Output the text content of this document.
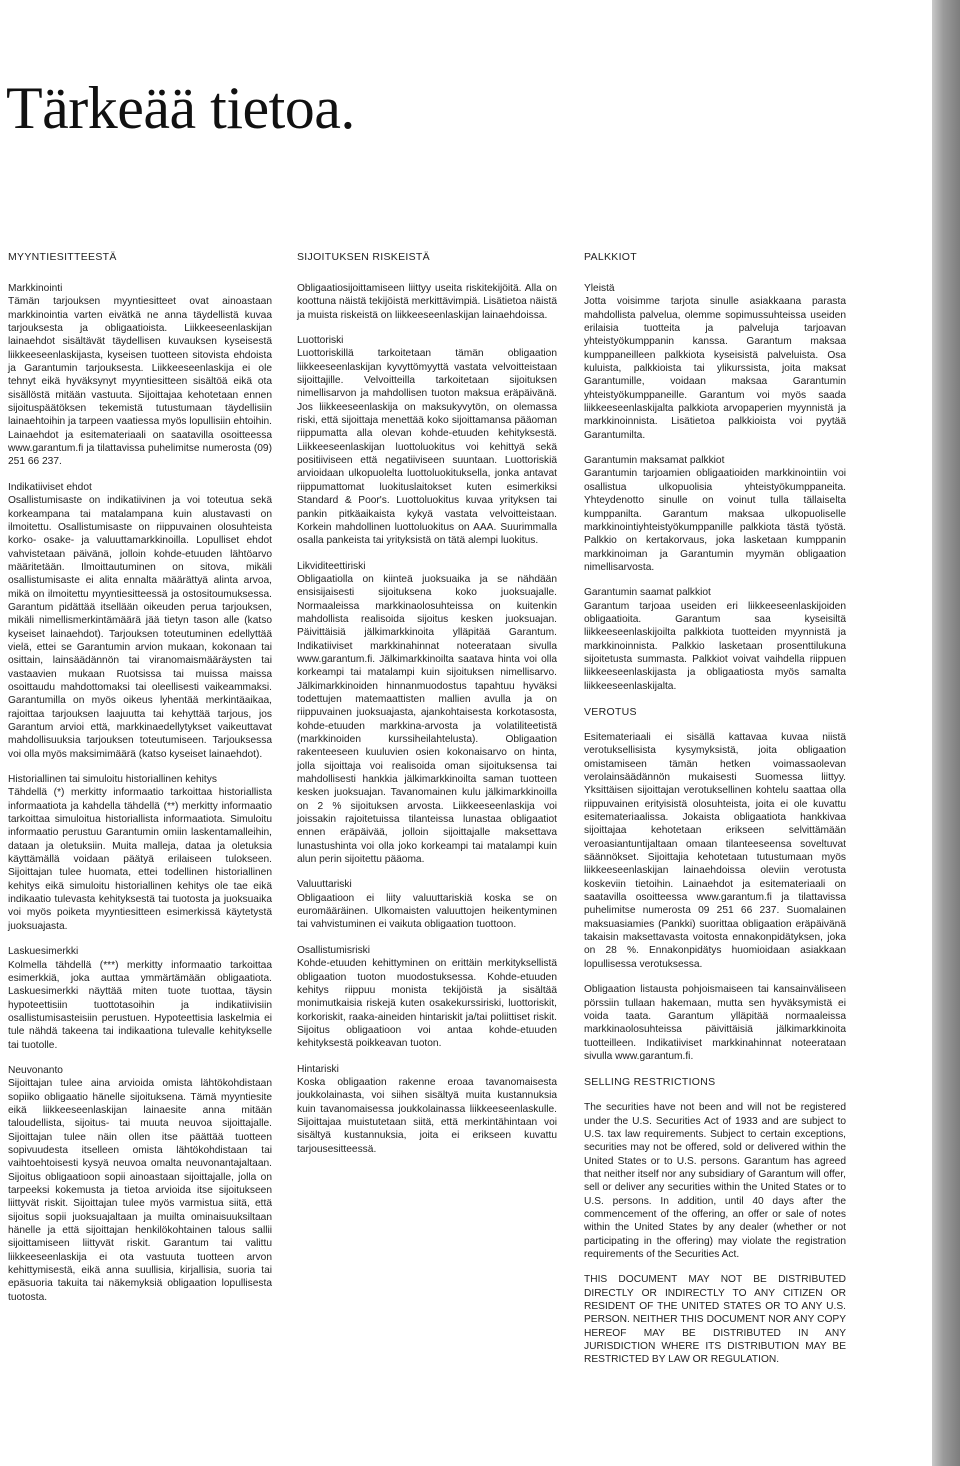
Tärkeää tietoa.
MYYNTIESITTEESTÄ

Markkinointi

Tämän tarjouksen myyntiesitteet ovat ainoastaan markkinointia varten eivätkä ne anna täydellistä kuvaa tarjouksesta ja obligaatioista. Liikkeeseenlaskijan lainaehdot sisältävät täydellisen kuvauksen kyseisestä liikkeeseenlaskijasta, kyseisen tuotteen sitovista ehdoista ja Garantumin tarjouksesta. Liikkeeseenlaskija ei ole tehnyt eikä hyväksynyt myyntiesitteen sisältöä eikä ota sisällöstä mitään vastuuta. Sijoittajaa kehotetaan ennen sijoituspäätöksen tekemistä tutustumaan täydellisiin lainaehtoihin ja tarpeen vaatiessa myös lopullisiin ehtoihin. Lainaehdot ja esitemateriaali on saatavilla osoitteessa www.garantum.fi ja tilattavissa puhelimitse numerosta (09) 251 66 237.

Indikatiiviset ehdot

Osallistumisaste on indikatiivinen ja voi toteutua sekä korkeampana tai matalampana kuin alustavasti on ilmoitettu. Osallistumisaste on riippuvainen olosuhteista korko- osake- ja valuuttamarkkinoilla. Lopulliset ehdot vahvistetaan päivänä, jolloin kohde-etuuden lähtöarvo määritetään. Ilmoittautuminen on sitova, mikäli osallistumisaste ei alita ennalta määrättyä alinta arvoa, mikä on ilmoitettu myyntiesitteessä ja ostositoumuksessa. Garantum pidättää itsellään oikeuden perua tarjouksen, mikäli nimellismerkintämäärä jää tietyn tason alle (katso kyseiset lainaehdot). Tarjouksen toteutuminen edellyttää vielä, ettei se Garantumin arvion mukaan, kokonaan tai osittain, lainsäädännön tai viranomaismääräysten tai vastaavien mukaan Ruotsissa tai muissa maissa osoittaudu mahdottomaksi tai oleellisesti vaikeammaksi. Garantumilla on myös oikeus lyhentää merkintäaikaa, rajoittaa tarjouksen laajuutta tai kehyttää tarjous, jos Garantum arvioi että, markkinaedellytykset vaikeuttavat mahdollisuuksia tarjouksen toteutumiseen. Tarjouksessa voi olla myös maksimimäärä (katso kyseiset lainaehdot).

Historiallinen tai simuloitu historiallinen kehitys

Tähdellä (*) merkitty informaatio tarkoittaa historiallista informaatiota ja kahdella tähdellä (**) merkitty informaatio tarkoittaa simuloitua historiallista informaatiota. Simuloitu informaatio perustuu Garantumin omiin laskentamalleihin, dataan ja oletuksiin. Muita malleja, dataa ja oletuksia käyttämällä voidaan päätyä erilaiseen tulokseen. Sijoittajan tulee huomata, ettei todellinen historiallinen kehitys eikä simuloitu historiallinen kehitys ole tae eikä indikaatio tulevasta kehityksestä tai tuotosta ja juoksuaika voi myös poiketa myyntiesitteen esimerkissä käytetystä juoksuajasta.

Laskuesimerkki

Kolmella tähdellä (***) merkitty informaatio tarkoittaa esimerkkiä, joka auttaa ymmärtämään obligaatiota. Laskuesimerkki näyttää miten tuote tuottaa, täysin hypoteettisiin tuottotasoihin ja indikatiivisiin osallistumisasteisiin perustuen. Hypoteettisia laskelmia ei tule nähdä takeena tai indikaationa tulevalle kehitykselle tai tuotolle.

Neuvonanto

Sijoittajan tulee aina arvioida omista lähtökohdistaan sopiiko obligaatio hänelle sijoituksena. Tämä myyntiesite eikä liikkeeseenlaskijan lainaesite anna mitään taloudellista, sijoitus- tai muuta neuvoa sijoittajalle. Sijoittajan tulee näin ollen itse päättää tuotteen sopivuudesta itselleen omista lähtökohdistaan tai vaihtoehtoisesti kysyä neuvoa omalta neuvonantajaltaan. Sijoitus obligaatioon sopii ainoastaan sijoittajalle, jolla on tarpeeksi kokemusta ja tietoa arvioida itse sijoitukseen liittyvät riskit. Sijoittajan tulee myös varmistua siitä, että sijoitus sopii juoksuajaltaan ja muilta ominaisuuksiltaan hänelle ja että sijoittajan henkilökohtainen talous sallii sijoittamiseen liittyvät riskit. Garantum tai valittu liikkeeseenlaskija ei ota vastuuta tuotteen arvon kehittymisestä, eikä anna suullisia, kirjallisia, suoria tai epäsuoria takuita tai näkemyksiä obligaation lopullisesta tuotosta.

SIJOITUKSEN RISKEISTÄ

Obligaatiosijoittamiseen liittyy useita riskitekijöitä. Alla on koottuna näistä tekijöistä merkittävimpiä. Lisätietoa näistä ja muista riskeistä on liikkeeseenlaskijan lainaehdoissa.

Luottoriski

Luottoriskillä tarkoitetaan tämän obligaation liikkeeseenlaskijan kyvyttömyyttä vastata velvoitteistaan sijoittajille. Velvoitteilla tarkoitetaan sijoituksen nimellisarvon ja mahdollisen tuoton maksua eräpäivänä. Jos liikkeeseenlaskija on maksukyvytön, on olemassa riski, että sijoittaja menettää koko sijoittamansa pääoman riippumatta alla olevan kohde-etuuden kehityksestä. Liikkeeseenlaskijan luottoluokitus voi kehittyä sekä positiiviseen että negatiiviseen suuntaan. Luottoriskiä arvioidaan ulkopuolelta luottoluokituksella, jonka antavat riippumattomat luokituslaitokset kuten esimerkiksi Standard & Poor's. Luottoluokitus kuvaa yrityksen tai pankin pitkäaikaista kykyä vastata velvoitteistaan. Korkein mahdollinen luottoluokitus on AAA. Suurimmalla osalla pankeista tai yrityksistä on tätä alempi luokitus.

Likviditeettiriski

Obligaatiolla on kiinteä juoksuaika ja se nähdään ensisijaisesti sijoituksena koko juoksuajalle. Normaaleissa markkinaolosuhteissa on kuitenkin mahdollista realisoida sijoitus kesken juoksuajan. Päivittäisiä jälkimarkkinoita ylläpitää Garantum. Indikatiiviset markkinahinnat noteerataan sivulla www.garantum.fi. Jälkimarkkinoilta saatava hinta voi olla korkeampi tai matalampi kuin sijoituksen nimellisarvo. Jälkimarkkinoiden hinnanmuodostus tapahtuu hyväksi todettujen matemaattisten mallien avulla ja on riippuvainen juoksuajasta, ajankohtaisesta korkotasosta, kohde-etuuden markkina-arvosta ja volatiliteetistä (markkinoiden kurssiheilahtelusta). Obligaation rakenteeseen kuuluvien osien kokonaisarvo on hinta, jolla sijoittaja voi realisoida oman sijoituksensa tai mahdollisesti hankkia jälkimarkkinoilta saman tuotteen kesken juoksuajan. Tavanomainen kulu jälkimarkkinoilla on 2 % sijoituksen arvosta. Liikkeeseenlaskija voi joissakin rajoitetuissa tilanteissa lunastaa obligaatiot ennen eräpäivää, jolloin sijoittajalle maksettava lunastushinta voi olla joko korkeampi tai matalampi kuin alun perin sijoitettu pääoma.

Valuuttariski

Obligaatioon ei liity valuuttariskiä koska se on euromääräinen. Ulkomaisten valuuttojen heikentyminen tai vahvistuminen ei vaikuta obligaation tuottoon.

Osallistumisriski

Kohde-etuuden kehittyminen on erittäin merkityksellistä obligaation tuoton muodostuksessa. Kohde-etuuden kehitys riippuu monista tekijöistä ja sisältää monimutkaisia riskejä kuten osakekurssiriski, luottoriskit, korkoriskit, raaka-aineiden hintariskit ja/tai poliittiset riskit. Sijoitus obligaatioon voi antaa kohde-etuuden kehityksestä poikkeavan tuoton.

Hintariski

Koska obligaation rakenne eroaa tavanomaisesta joukkolainasta, voi siihen sisältyä muita kustannuksia kuin tavanomaisessa joukkolainassa liikkeeseenlaskulle. Sijoittajaa muistutetaan siitä, että merkintähintaan voi sisältyä kustannuksia, joita ei erikseen kuvattu tarjousesitteessä.

PALKKIOT

Yleistä

Jotta voisimme tarjota sinulle asiakkaana parasta mahdollista palvelua, olemme sopimussuhteissa useiden erilaisia tuotteita ja palveluja tarjoavan yhteistyökumppanin kanssa. Garantum maksaa kumppaneilleen palkkiota kyseisistä palveluista. Osa kuluista, palkkioista tai ylikurssista, joita maksat Garantumille, voidaan maksaa Garantumin yhteistyökumppaneille. Garantum voi myös saada liikkeeseenlaskijalta palkkiota arvopaperien myynnistä ja markkinoinnista. Lisätietoa palkkioista voi pyytää Garantumilta.

Garantumin maksamat palkkiot

Garantumin tarjoamien obligaatioiden markkinointiin voi osallistua ulkopuolisia yhteistyökumppaneita. Yhteydenotto sinulle on voinut tulla tällaiselta kumppanilta. Garantum maksaa ulkopuoliselle markkinointiyhteistyökumppanille palkkiota tästä työstä. Palkkio on kertakorvaus, joka lasketaan kumppanin markkinoiman ja Garantumin myymän obligaation nimellisarvosta.

Garantumin saamat palkkiot

Garantum tarjoaa useiden eri liikkeeseenlaskijoiden obligaatioita. Garantum saa kyseisiltä liikkeeseenlaskijoilta palkkiota tuotteiden myynnistä ja markkinoinnista. Palkkio lasketaan prosenttilukuna sijoitetusta summasta. Palkkiot voivat vaihdella riippuen liikkeeseenlaskijasta ja obligaatiosta myös samalta liikkeeseenlaskijalta.

VEROTUS

Esitemateriaali ei sisällä kattavaa kuvaa niistä verotuksellisista kysymyksistä, joita obligaation omistamiseen tämän hetken voimassaolevan verolainsäädännön mukaisesti Suomessa liittyy. Yksittäisen sijoittajan verotuksellinen kohtelu saattaa olla riippuvainen erityisistä olosuhteista, joita ei ole kuvattu esitemateriaalissa. Jokaista obligaatiota hankkivaa sijoittajaa kehotetaan erikseen selvittämään veroasiantuntijaltaan omaan tilanteeseensa soveltuvat säännökset. Sijoittajia kehotetaan tutustumaan myös liikkeeseenlaskijan lainaehdoissa oleviin verotusta koskeviin tietoihin. Lainaehdot ja esitemateriaali on saatavilla osoitteessa www.garantum.fi ja tilattavissa puhelimitse numerosta 09 251 66 237. Suomalainen maksuasiamies (Pankki) suorittaa obligaation eräpäivänä takaisin maksettavasta voitosta ennakonpidätyksen, joka on 28 %. Ennakonpidätys huomioidaan asiakkaan lopullisessa verotuksessa.

Obligaation listausta pohjoismaiseen tai kansainväliseen pörssiin tullaan hakemaan, mutta sen hyväksymistä ei voida taata. Garantum ylläpitää normaaleissa markkinaolosuhteissa päivittäisiä jälkimarkkinoita tuotteilleen. Indikatiiviset markkinahinnat noteerataan sivulla www.garantum.fi.

SELLING RESTRICTIONS

The securities have not been and will not be registered under the U.S. Securities Act of 1933 and are subject to U.S. tax law requirements. Subject to certain exceptions, securities may not be offered, sold or delivered within the United States or to U.S. persons. Garantum has agreed that neither itself nor any subsidiary of Garantum will offer, sell or deliver any securities within the United States or to U.S. persons. In addition, until 40 days after the commencement of the offering, an offer or sale of notes within the United States by any dealer (whether or not participating in the offering) may violate the registration requirements of the Securities Act.

THIS DOCUMENT MAY NOT BE DISTRIBUTED DIRECTLY OR INDIRECTLY TO ANY CITIZEN OR RESIDENT OF THE UNITED STATES OR TO ANY U.S. PERSON. NEITHER THIS DOCUMENT NOR ANY COPY HEREOF MAY BE DISTRIBUTED IN ANY JURISDICTION WHERE ITS DISTRIBUTION MAY BE RESTRICTED BY LAW OR REGULATION.
